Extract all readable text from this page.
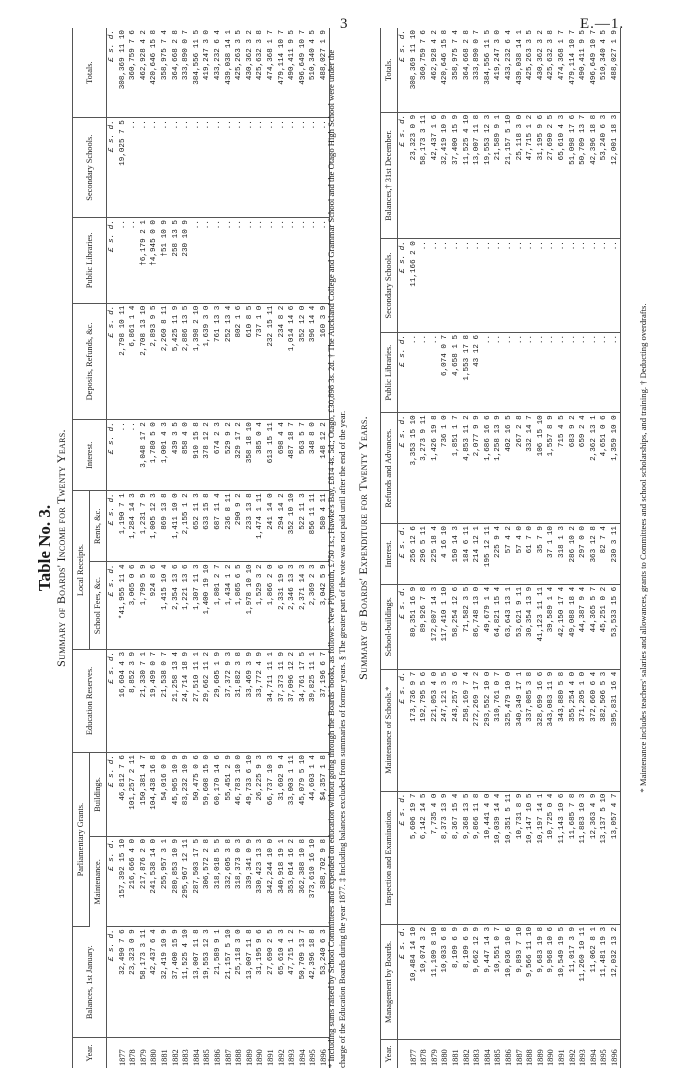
3	E.—1.
Table No. 3. Summary of Boards' Income for Twenty Years.
Year.	Balances, 1st January.	Parliamentary Grants.		Education Reserves.	Local Receipts.		Interest.	Deposits, Refunds, &c.	Public Libraries.	Secondary Schools.	Totals.
		Maintenance.	Buildings.		School Fees, &c.	Rents, &c.					
	£ s. d.	£ s. d.	£ s. d.	£ s. d.	£ s. d.	£ s. d.	£ s. d.	£ s. d.	£ s. d.	£ s. d.	£ s. d.
1877	32,490 7 6	157,392 15 10	46,812 7 6	16,604 4 3	*41,955 11 4	1,190 7 1	..	2,798 10 11	..	19,025 7 5	308,369 11 10
1878	23,323 0 9	216,666 4 0	101,257 2 11	8,852 3 9	3,065 0 6	1,284 14 3	..	6,861 1 4	..	..	360,759 7 6
1879	58,173 3 11	217,876 2 0	150,381 4 7	21,330 7 1	1,799 5 9	1,231 7 9	3,048 17 2	2,708 13 10	†6,179 2 1	..	462,928 4 2
1880	42,437 6 4	241,538 14 0	104,438 16 8	19,499 0 7	924 8 6	1,005 12 3	1,780 5 0	2,893 9 5	†4,945 0 0	..	420,646 15 8
1881	32,419 10 9	255,957 3 1	54,016 0 0	21,538 0 7	1,415 10 4	869 13 8	1,001 4 3	2,260 8 11	†51 10 9	..	358,975 7 4
1882	37,400 15 9	280,853 10 9	45,965 10 9	21,258 13 4	2,354 13 6	1,411 10 0	439 3 5	5,425 11 9	258 13 5	..	364,668 2 8
1883	11,525 4 10	295,967 12 11	83,232 10 9	24,714 18 9	1,221 13 6	2,155 1 2	858 4 0	2,886 13 5	230 10 9	..	333,890 0 7
1884	13,007 11 8	287,503 17 5	50,475 0 6	27,510 11 1	1,307 11 3	652 11 3	910 15 8	1,398 2 10	..	..	384,556 11 5
1885	19,553 12 3	306,572 2 8	59,608 15 0	29,662 11 2	1,400 19 10	633 15 8	378 12 2	1,639 3 0	..	..	419,247 3 0
1886	21,589 9 1	318,018 5 5	60,170 14 6	29,605 1 9	1,801 2 7	687 11 4	674 2 3	761 13 3	..	..	433,232 6 4
1887	21,157 5 10	332,605 3 8	55,451 2 9	37,372 9 3	1,434 1 2	236 8 11	529 9 2	252 13 4	..	..	439,038 14 1
1888	25,118 3 0	318,373 0 3	46,783 10 0	31,882 3 8	1,865 6 5	290 9 2	329 17 2	802 1 6	..	..	425,263 3 5
1889	13,007 11 8	339,341 0 9	49,733 6 10	33,469 3 9	1,978 10 10	233 13 8	358 18 10	610 8 5	..	..	430,362 3 2
1890	31,195 9 6	330,423 13 3	26,225 9 3	33,772 4 9	1,529 3 2	1,474 1 11	385 0 4	737 1 0	..	..	425,632 3 8
1891	27,690 2 5	342,244 10 0	66,737 10 3	34,711 11 1	1,866 2 0	241 14 0	613 15 11	232 15 11	..	..	474,368 1 7
1892	65,610 4 3	340,918 19 1	31,602 9 4	37,373 11 9	2,331 19 6	294 14 2	698 4 4	234 8 2	..	..	479,114 10 7
1893	47,715 1 2	353,014 16 2	33,003 1 11	37,096 12 2	2,346 13 3	352 10 10	487 18 7	1,014 14 6	..	..	490,411 9 5
1894	50,709 13 7	362,388 10 8	45,079 5 10	34,761 17 5	2,371 14 3	522 11 3	563 5 7	352 12 0	..	..	496,649 10 7
1895	42,396 18 8	373,610 16 10	44,603 1 4	39,825 11 1	2,369 2 3	856 11 11	348 8 0	396 14 4	..	..	510,340 4 5
1896	53,240 6 3	388,702 9 8	$4,357 1 8	37,196 6 7	3,042 5 9	580 4 11	148 12 2	160 3 9	..	..	488,027 1 9
* Including sums raised by School Committees and expended on education without going through the Boards' books, as follows: New Plymouth, £750 1s.; Hawke's Bay, £814 4s. 5d.; Otago, £30,898 3s. 2d. † The Auckland College and Grammar School and the Otago High School were under the charge of the Education Boards during the year 1877. ‡ Including balances excluded from summaries of former years. § The greater part of the vote was not paid until after the end of the year. Summary of Boards' Expenditure for Twenty Years.
Year.	Management by Boards.	Inspection and Examination.	Maintenance of Schools.*	School-buildings.	Interest.	Refunds and Advances.	Public Libraries.	Secondary Schools.	Balances,† 31st December.	Totals.
	£ s. d.	£ s. d.	£ s. d.	£ s. d.	£ s. d.	£ s. d.	£ s. d.	£ s. d.	£ s. d.	£ s. d.
1877	10,484 14 10	5,606 19 7	173,736 9 7	80,351 16 9	256 12 6	3,353 15 10	..	11,166 2 0	23,323 0 9	308,369 11 10
1878	10,074 3 2	6,142 14 5	192,795 5 6	89,926 7 8	296 5 11	3,273 9 11	..	..	58,173 3 11	360,759 7 6
1879	11,109 8 10	7,735 4 0	221,053 4 0	172,807 14 3	225 18 4	1,426 19 8	..	..	42,437 1 6	462,928 4 2
1880	10,033 6 8	8,373 13 9	247,121 3 5	117,410 1 10	4 16 10	736 1 0	6,074 0 7	..	32,419 10 9	420,646 15 8
1881	8,109 6 9	8,367 15 4	243,257 3 6	58,254 12 6	150 14 3	1,851 1 7	4,658 1 5	..	37,400 15 9	358,975 7 4
1882	8,109 6 9	9,368 13 5	258,169 7 4	71,582 3 5	184 6 11	4,853 11 2	1,553 17 8	..	11,525 4 10	364,668 2 8
1883	9,662 12 9	9,866 11 8	272,269 17 2	86,748 13 0	214 12 1	2,077 9 9	43 12 6	..	13,007 11 8	333,890 0 7
1884	9,447 14 3	10,441 4 0	293,552 10 0	49,679 1 4	195 12 11	1,686 16 6	..	..	19,553 12 3	384,556 11 5
1885	10,551 0 7	10,039 14 4	310,761 0 7	64,821 15 4	225 9 4	1,258 13 9	..	..	21,589 9 1	419,247 3 0
1886	10,036 10 6	10,351 5 11	325,479 10 0	63,643 13 1	57 4 2	402 16 5	..	..	21,157 5 10	433,232 6 4
1887	9,893 7 10	10,731 8 9	340,349 17 1	53,621 9 11	57 4 0	267 2 8	..	..	25,118 3 0	439,038 14 1
1888	9,566 11 10	10,147 10 5	337,085 3 8	30,354 13 9	61 7 0	332 14 7	..	..	47,715 1 2	425,263 3 5
1889	9,683 19 8	10,197 14 1	328,699 16 6	41,123 11 11	35 7 9	106 15 10	..	..	31,195 9 6	430,362 3 2
1890	9,968 10 6	10,725 0 4	343,083 11 9	39,589 1 4	37 1 10	1,557 8 9	..	..	27,690 2 5	425,632 3 8
1891	10,549 19 5	11,143 10 6	343,880 5 8	42,150 17 4	318 1 3	715 4 5	..	..	65,610 4 3	474,368 1 7
1892	11,017 3 9	11,685 7 8	355,254 4 0	49,088 18 4	286 10 2	683 9 2	..	..	51,098 17 6	479,114 10 7
1893	11,260 10 11	11,883 10 3	371,205 1 0	44,387 9 4	297 0 0	659 2 4	..	..	50,709 13 7	490,411 9 5
1894	11,062 8 1	12,363 4 9	372,660 6 4	44,365 5 7	363 12 8	2,362 13 1	..	..	42,396 18 8	496,649 10 7
1895	11,481 19 3	13,137 5 10	382,506 5 3	45,251 0 2	82 7 4	4,651 0 6	..	..	53,240 6 3	510,340 4 5
1896	12,032 13 2	13,057 4 7	395,831 16 4	53,533 15 6	230 3 11	1,359 10 0	..	..	12,001 18 3	488,027 1 9
* Maintenance includes teachers' salaries and allowances, grants to Committees and school scholarships, and training. † Deducting overdrafts.
